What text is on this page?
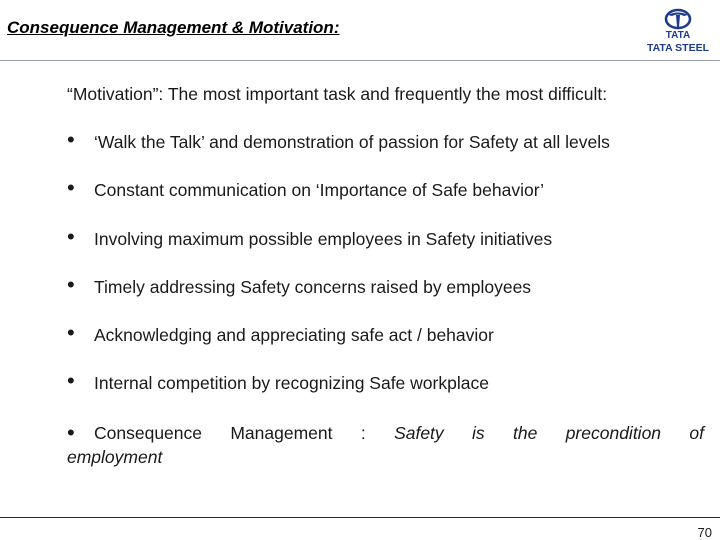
Consequence Management & Motivation:	TATA
TATA STEEL
“Motivation”: The most important task and frequently the most difficult:
• ‘Walk the Talk’ and demonstration of passion for Safety at all levels
• Constant communication on ‘Importance of Safe behavior’
• Involving maximum possible employees in Safety initiatives
• Timely addressing Safety concerns raised by employees
• Acknowledging and appreciating safe act / behavior
• Internal competition by recognizing Safe workplace
•	Consequence Management : Safety is the precondition of
employment
70
